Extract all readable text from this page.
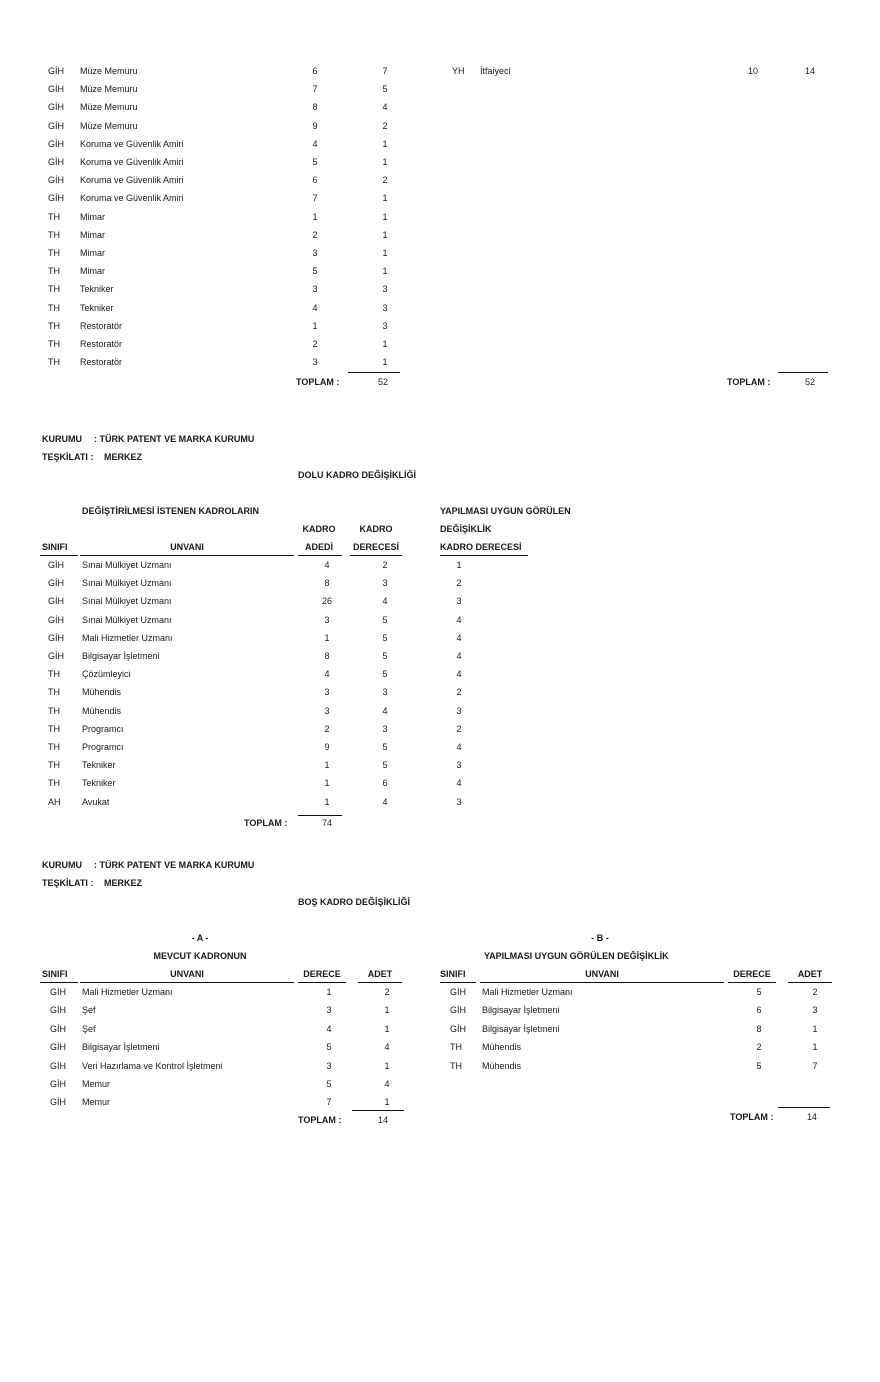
GİH Müze Memuru	6	7
GİH Müze Memuru	7	5
GİH Müze Memuru	8	4
GİH Müze Memuru	9	2
GİH Koruma ve Güvenlik Amiri	4	1
GİH Koruma ve Güvenlik Amiri	5	1
GİH Koruma ve Güvenlik Amiri	6	2
GİH Koruma ve Güvenlik Amiri	7	1
TH Mimar	1	1
TH Mimar	2	1
TH Mimar	3	1
TH Mimar	5	1
TH Tekniker	3	3
TH Tekniker	4	3
TH Restoratör	1	3
TH Restoratör	2	1
TH Restoratör	3	1
YH İtfaiyeci	10	14
TOPLAM :	52	TOPLAM :	52
KURUMU : TÜRK PATENT VE MARKA KURUMU
TEŞKİLATI : MERKEZ
DOLU KADRO DEĞİŞİKLİĞİ
DEĞİŞTİRİLMESİ İSTENEN KADROLARIN	YAPILMASI UYGUN GÖRÜLEN
DEĞİŞİKLİK
KADRO	KADRO
SINIFI	UNVANI	ADEDİ	DERECESİ	KADRO DERECESİ
GİH Sınai Mülkiyet Uzmanı	4	2	1
GİH Sınai Mülkiyet Uzmanı	8	3	2
GİH Sınai Mülkiyet Uzmanı	26	4	3
GİH Sınai Mülkiyet Uzmanı	3	5	4
GİH Mali Hizmetler Uzmanı	1	5	4
GİH Bilgisayar İşletmeni	8	5	4
TH Çözümleyici	4	5	4
TH Mühendis	3	3	2
TH Mühendis	3	4	3
TH Programcı	2	3	2
TH Programcı	9	5	4
TH Tekniker	1	5	3
TH Tekniker	1	6	4
AH Avukat	1	4	3
TOPLAM :	74
KURUMU : TÜRK PATENT VE MARKA KURUMU
TEŞKİLATI : MERKEZ
BOŞ KADRO DEĞİŞİKLİĞİ
- A -
MEVCUT KADRONUN
- B -
YAPILMASI UYGUN GÖRÜLEN DEĞİŞİKLİK
SINIFI	UNVANI	DERECE	ADET	SINIFI	UNVANI	DERECE	ADET
GİH Mali Hizmetler Uzmanı	1	2
GİH Şef	3	1
GİH Şef	4	1
GİH Bilgisayar İşletmeni	5	4
GİH Veri Hazırlama ve Kontrol İşletmeni	3	1
GİH Memur	5	4
GİH Memur	7	1
GİH Mali Hizmetler Uzmanı	5	2
GİH Bilgisayar İşletmeni	6	3
GİH Bilgisayar İşletmeni	8	1
TH Mühendis	2	1
TH Mühendis	5	7
TOPLAM :	14	TOPLAM :	14
